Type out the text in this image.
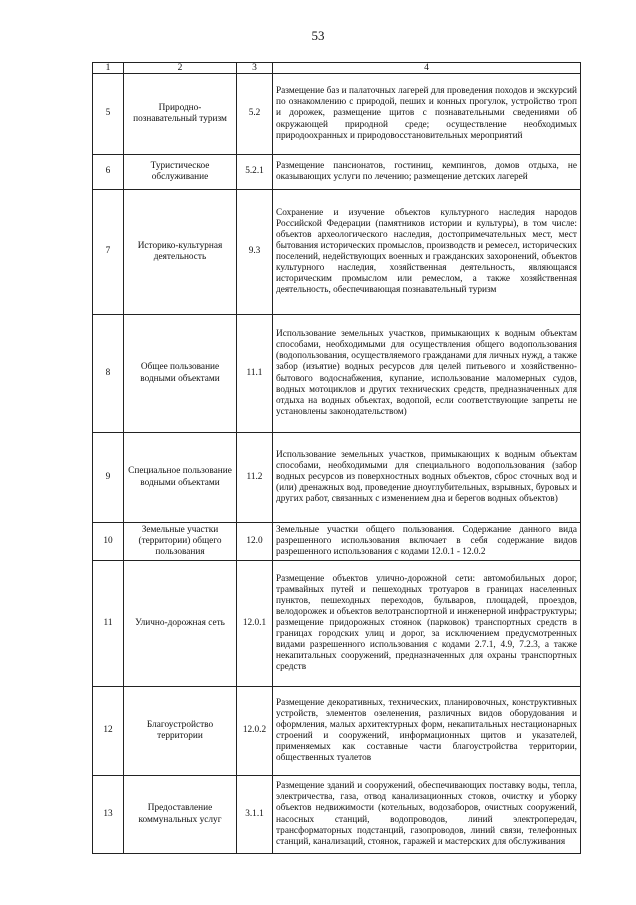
53
1	2	3	4
5	Природно-познавательный туризм	5.2	Размещение баз и палаточных лагерей для проведения походов и экскурсий по ознакомлению с природой, пеших и конных прогулок, устройство троп и дорожек, размещение щитов с познавательными сведениями об окружающей природной среде; осуществление необходимых природоохранных и природовосстановительных мероприятий
6	Туристическое обслуживание	5.2.1	Размещение пансионатов, гостиниц, кемпингов, домов отдыха, не оказывающих услуги по лечению; размещение детских лагерей
7	Историко-культурная деятельность	9.3	Сохранение и изучение объектов культурного наследия народов Российской Федерации (памятников истории и культуры), в том числе: объектов археологического наследия, достопримечательных мест, мест бытования исторических промыслов, производств и ремесел, исторических поселений, недействующих военных и гражданских захоронений, объектов культурного наследия, хозяйственная деятельность, являющаяся историческим промыслом или ремеслом, а также хозяйственная деятельность, обеспечивающая познавательный туризм
8	Общее пользование водными объектами	11.1	Использование земельных участков, примыкающих к водным объектам способами, необходимыми для осуществления общего водопользования (водопользования, осуществляемого гражданами для личных нужд, а также забор (изъятие) водных ресурсов для целей питьевого и хозяйственно-бытового водоснабжения, купание, использование маломерных судов, водных мотоциклов и других технических средств, предназначенных для отдыха на водных объектах, водопой, если соответствующие запреты не установлены законодательством)
9	Специальное пользование водными объектами	11.2	Использование земельных участков, примыкающих к водным объектам способами, необходимыми для специального водопользования (забор водных ресурсов из поверхностных водных объектов, сброс сточных вод и (или) дренажных вод, проведение дноуглубительных, взрывных, буровых и других работ, связанных с изменением дна и берегов водных объектов)
10	Земельные участки (территории) общего пользования	12.0	Земельные участки общего пользования. Содержание данного вида разрешенного использования включает в себя содержание видов разрешенного использования с кодами 12.0.1 - 12.0.2
11	Улично-дорожная сеть	12.0.1	Размещение объектов улично-дорожной сети: автомобильных дорог, трамвайных путей и пешеходных тротуаров в границах населенных пунктов, пешеходных переходов, бульваров, площадей, проездов, велодорожек и объектов велотранспортной и инженерной инфраструктуры; размещение придорожных стоянок (парковок) транспортных средств в границах городских улиц и дорог, за исключением предусмотренных видами разрешенного использования с кодами 2.7.1, 4.9, 7.2.3, а также некапитальных сооружений, предназначенных для охраны транспортных средств
12	Благоустройство территории	12.0.2	Размещение декоративных, технических, планировочных, конструктивных устройств, элементов озеленения, различных видов оборудования и оформления, малых архитектурных форм, некапитальных нестационарных строений и сооружений, информационных щитов и указателей, применяемых как составные части благоустройства территории, общественных туалетов
13	Предоставление коммунальных услуг	3.1.1	Размещение зданий и сооружений, обеспечивающих поставку воды, тепла, электричества, газа, отвод канализационных стоков, очистку и уборку объектов недвижимости (котельных, водозаборов, очистных сооружений, насосных станций, водопроводов, линий электропередач, трансформаторных подстанций, газопроводов, линий связи, телефонных станций, канализаций, стоянок, гаражей и мастерских для обслуживания
